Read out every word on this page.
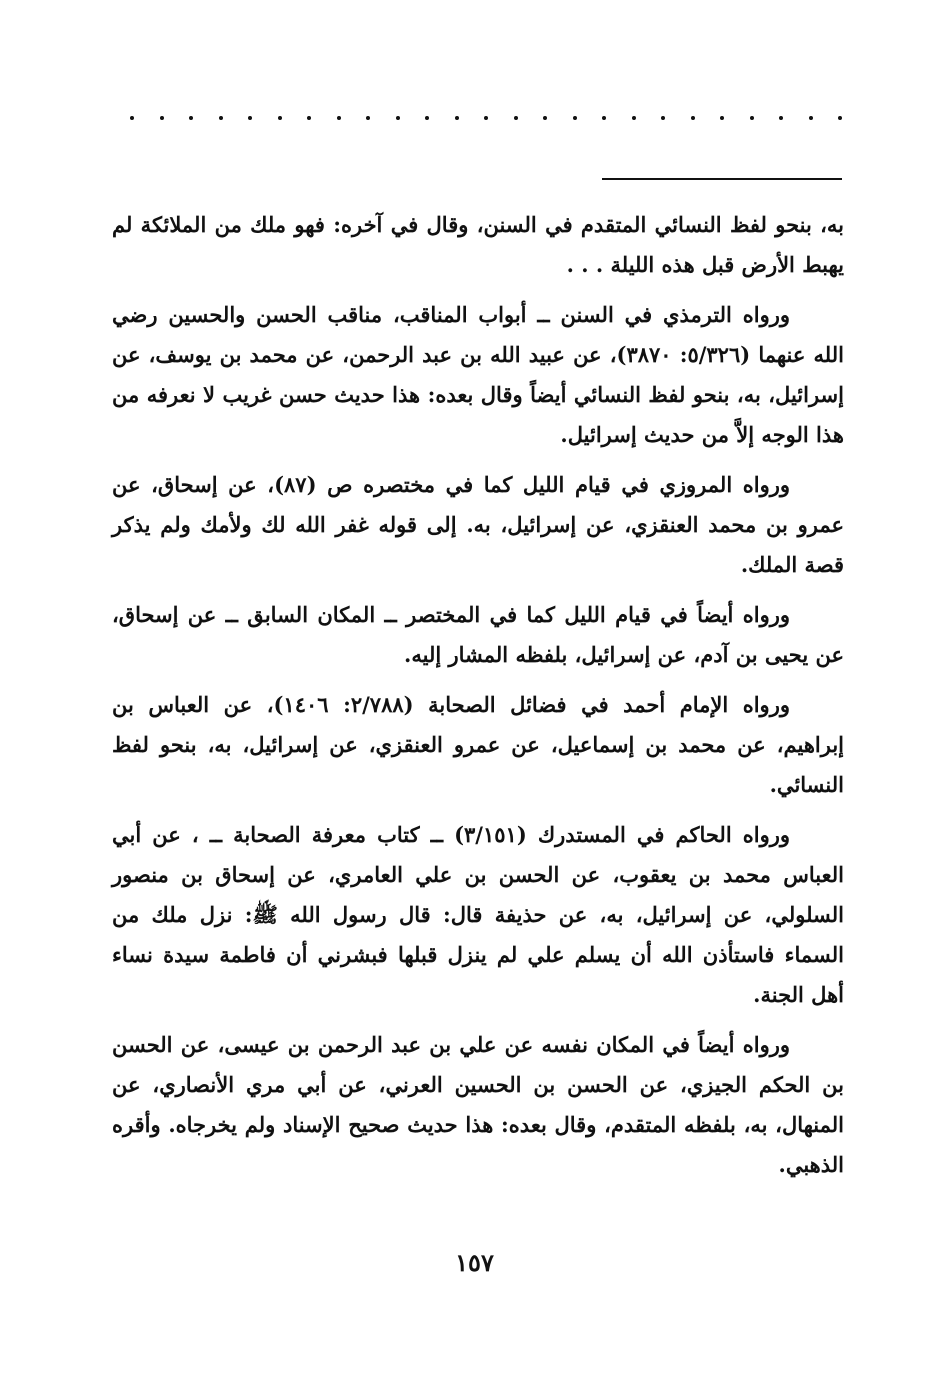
به، بنحو لفظ النسائي المتقدم في السنن، وقال في آخره: فهو ملك من الملائكة لم يهبط الأرض قبل هذه الليلة . . .

ورواه الترمذي في السنن ــ أبواب المناقب، مناقب الحسن والحسين رضي الله عنهما (٥/٣٢٦: ٣٨٧٠)، عن عبيد الله بن عبد الرحمن، عن محمد بن يوسف، عن إسرائيل، به، بنحو لفظ النسائي أيضاً وقال بعده: هذا حديث حسن غريب لا نعرفه من هذا الوجه إلاَّ من حديث إسرائيل.

ورواه المروزي في قيام الليل كما في مختصره ص (٨٧)، عن إسحاق، عن عمرو بن محمد العنقزي، عن إسرائيل، به. إلى قوله غفر الله لك ولأمك ولم يذكر قصة الملك.

ورواه أيضاً في قيام الليل كما في المختصر ــ المكان السابق ــ عن إسحاق، عن يحيى بن آدم، عن إسرائيل، بلفظه المشار إليه.

ورواه الإمام أحمد في فضائل الصحابة (٢/٧٨٨: ١٤٠٦)، عن العباس بن إبراهيم، عن محمد بن إسماعيل، عن عمرو العنقزي، عن إسرائيل، به، بنحو لفظ النسائي.

ورواه الحاكم في المستدرك (٣/١٥١) ــ كتاب معرفة الصحابة ــ ، عن أبي العباس محمد بن يعقوب، عن الحسن بن علي العامري، عن إسحاق بن منصور السلولي، عن إسرائيل، به، عن حذيفة قال: قال رسول الله ﷺ: نزل ملك من السماء فاستأذن الله أن يسلم علي لم ينزل قبلها فبشرني أن فاطمة سيدة نساء أهل الجنة.

ورواه أيضاً في المكان نفسه عن علي بن عبد الرحمن بن عيسى، عن الحسن بن الحكم الجيزي، عن الحسن بن الحسين العرني، عن أبي مري الأنصاري، عن المنهال، به، بلفظه المتقدم، وقال بعده: هذا حديث صحيح الإسناد ولم يخرجاه. وأقره الذهبي.

١٥٧
